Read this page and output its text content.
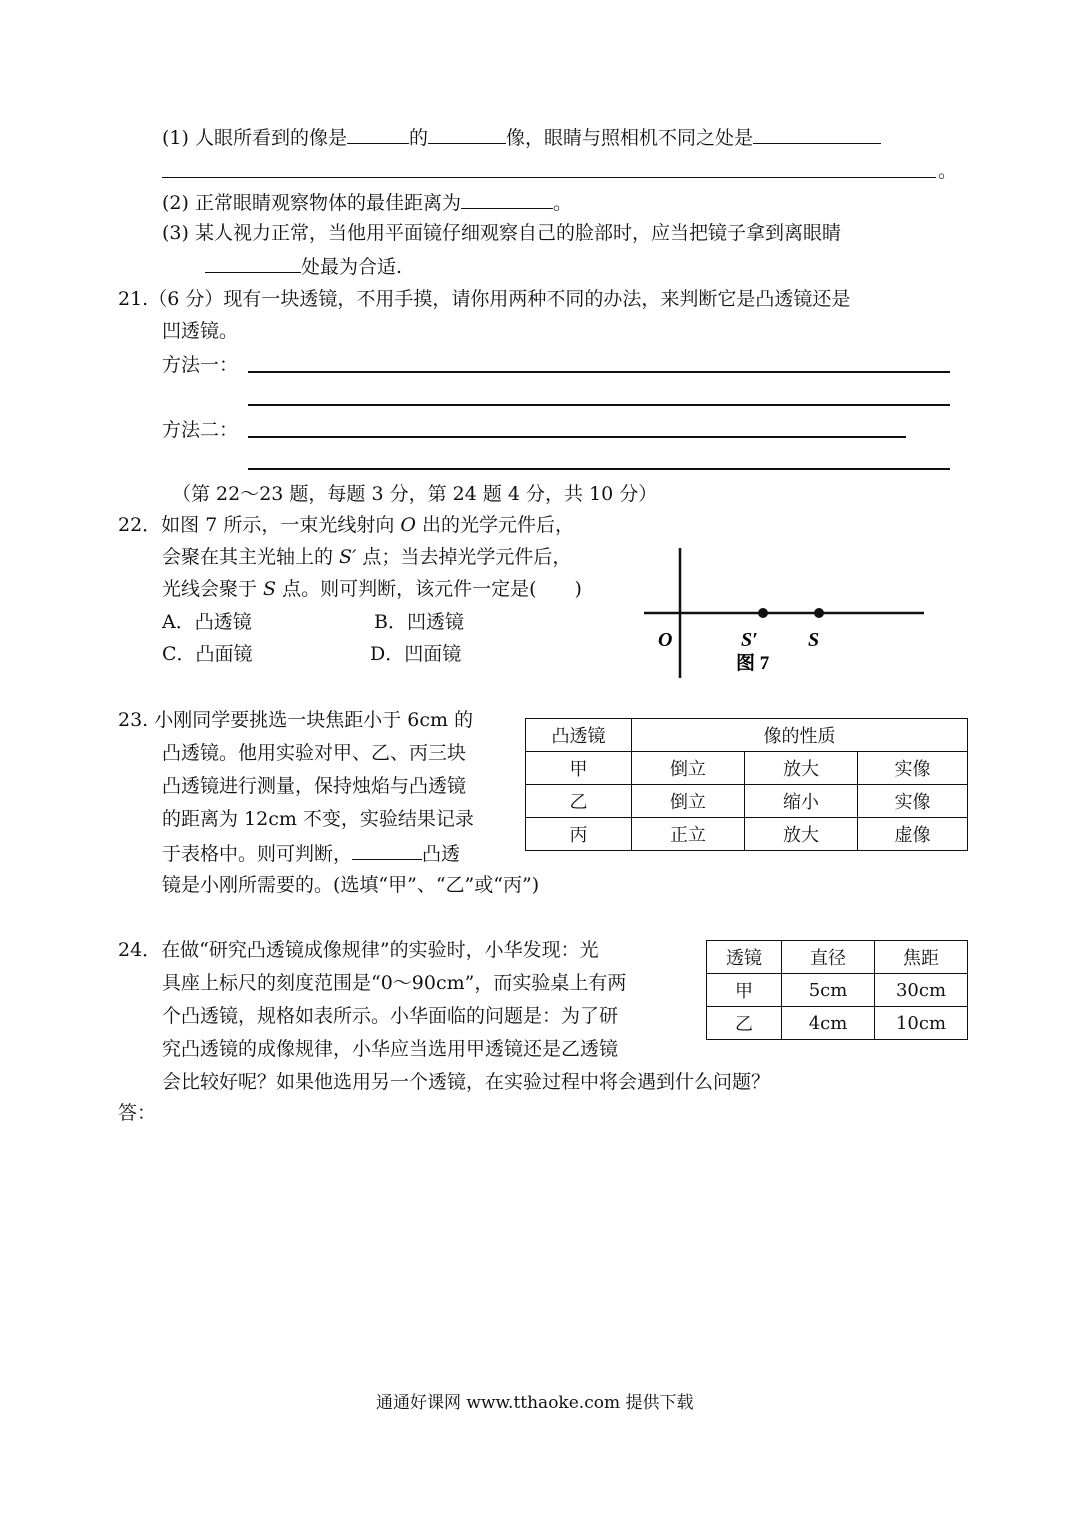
(1) 人眼所看到的像是	的	像，眼睛与照相机不同之处是
。
(2) 正常眼睛观察物体的最佳距离为	。
(3) 某人视力正常，当他用平面镜仔细观察自己的脸部时，应当把镜子拿到离眼睛
处最为合适.
21.（6 分）现有一块透镜，不用手摸，请你用两种不同的办法，来判断它是凸透镜还是
凹透镜。
方法一：
方法二：
（第 22～23 题，每题 3 分，第 24 题 4 分，共 10 分）
22．如图 7 所示，一束光线射向 O 出的光学元件后，
会聚在其主光轴上的 S′ 点；当去掉光学元件后，
光线会聚于 S 点。则可判断，该元件一定是(　　)
A．凸透镜	B．凹透镜
C．凸面镜	D．凹面镜
O	S′	S
图 7
23. 小刚同学要挑选一块焦距小于 6cm 的
凸透镜。他用实验对甲、乙、丙三块
凸透镜进行测量，保持烛焰与凸透镜
的距离为 12cm 不变，实验结果记录
于表格中。则可判断，	凸透
镜是小刚所需要的。(选填“甲”、“乙”或“丙”)
凸透镜	像的性质		
甲	倒立	放大	实像
乙	倒立	缩小	实像
丙	正立	放大	虚像
24．在做“研究凸透镜成像规律”的实验时，小华发现：光
具座上标尺的刻度范围是“0～90cm”，而实验桌上有两
个凸透镜，规格如表所示。小华面临的问题是：为了研
究凸透镜的成像规律，小华应当选用甲透镜还是乙透镜
会比较好呢？如果他选用另一个透镜，在实验过程中将会遇到什么问题？
答：
透镜	直径	焦距
甲	5cm	30cm
乙	4cm	10cm
通通好课网 www.tthaoke.com 提供下载
